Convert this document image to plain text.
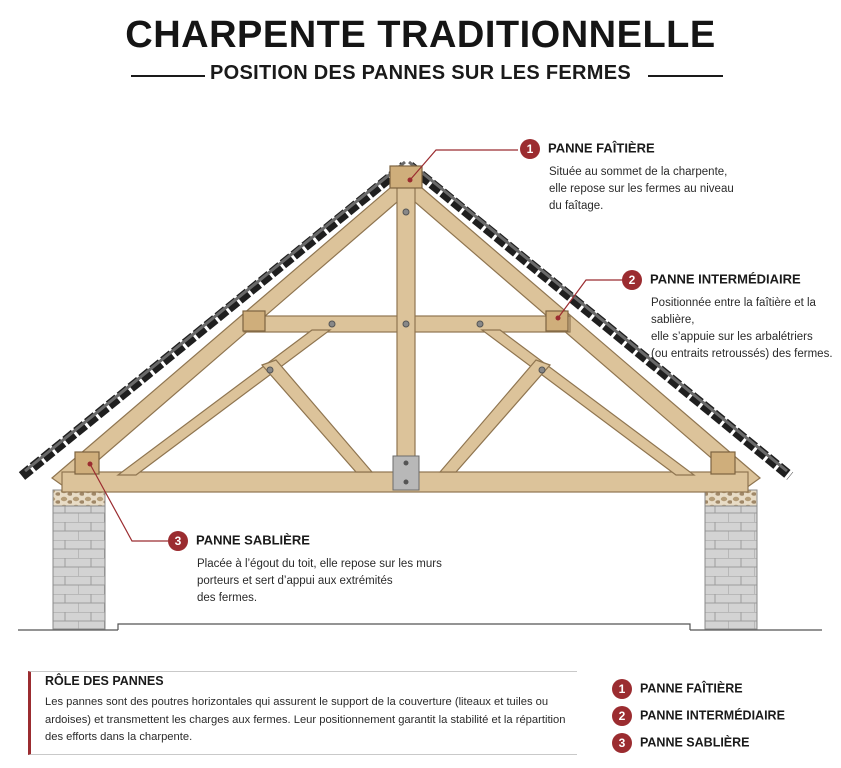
CHARPENTE TRADITIONNELLE
POSITION DES PANNES SUR LES FERMES
1 PANNE FAÎTIÈRE
Située au sommet de la charpente,
elle repose sur les fermes au niveau
du faîtage.
2 PANNE INTERMÉDIAIRE
Positionnée entre la faîtière et la sablière,
elle s’appuie sur les arbalétriers
(ou entraits retroussés) des fermes.
3 PANNE SABLIÈRE
Placée à l’égout du toit, elle repose sur les murs
porteurs et sert d’appui aux extrémités
des fermes.
RÔLE DES PANNES
Les pannes sont des poutres horizontales qui assurent le support de la couverture (liteaux et tuiles ou ardoises) et transmettent les charges aux fermes. Leur positionnement garantit la stabilité et la répartition des efforts dans la charpente.
1 PANNE FAÎTIÈRE
2 PANNE INTERMÉDIAIRE
3 PANNE SABLIÈRE
